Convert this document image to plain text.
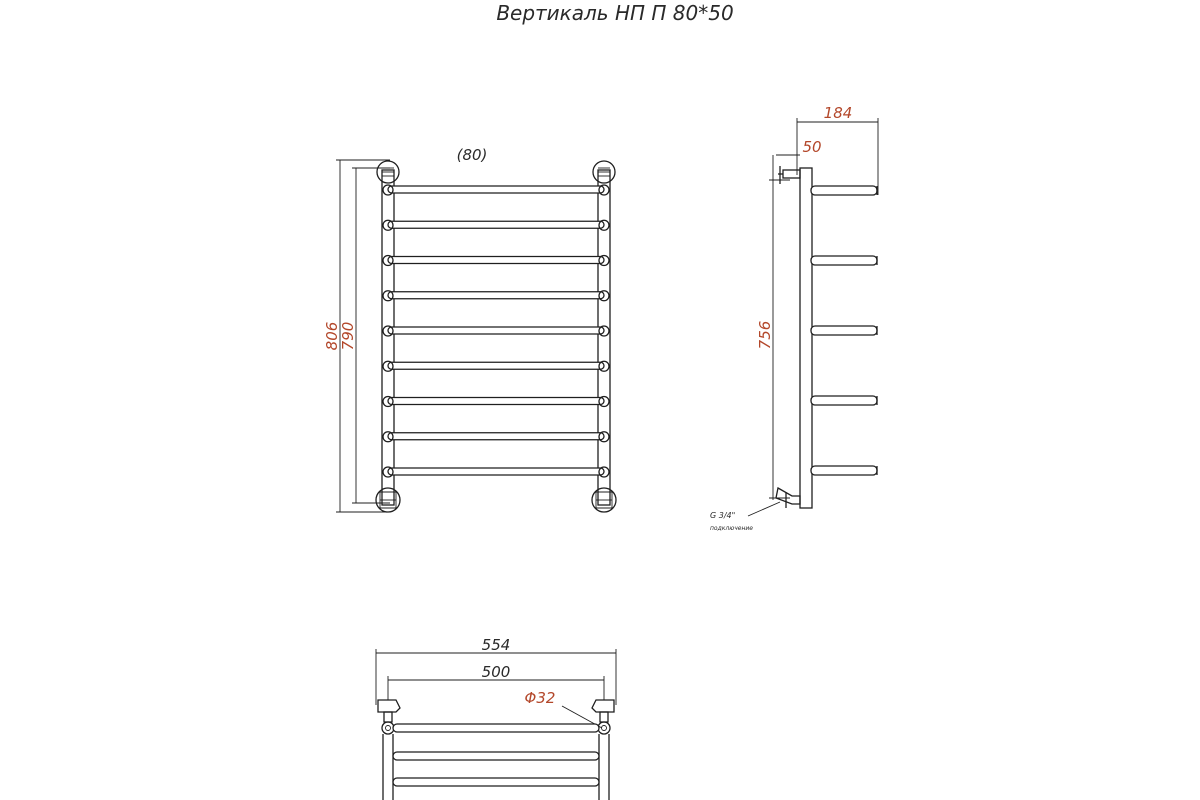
Вертикаль НП П 80*50
(80)
806
790
184
50
756
G 3/4"
подключение
554
500
Φ32
